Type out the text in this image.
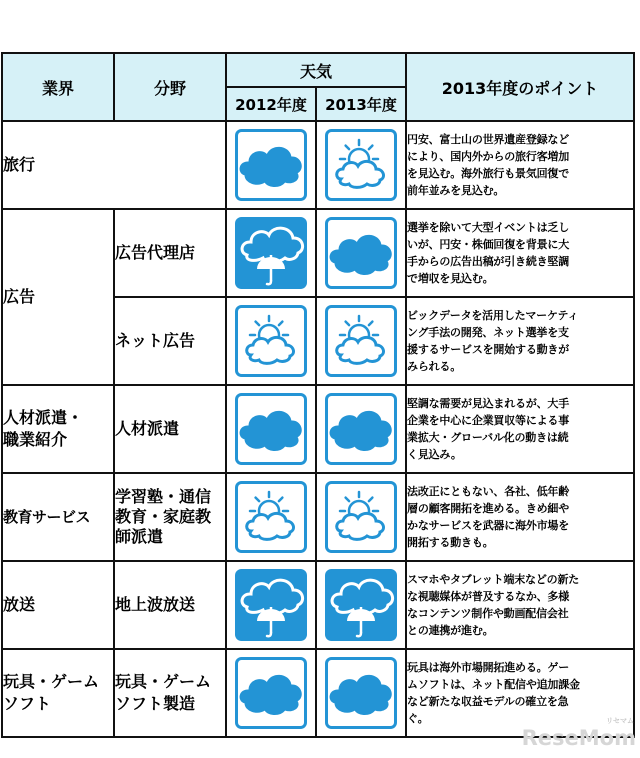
業界	分野	天気		2013年度のポイント
		2012年度	2013年度	
旅行				円安、富士山の世界遺産登録など
により、国内外からの旅行客増加
を見込む。海外旅行も景気回復で
前年並みを見込む。
広告	広告代理店			選挙を除いて大型イベントは乏し
いが、円安・株価回復を背景に大
手からの広告出稿が引き続き堅調
で増収を見込む。
	ネット広告			ビックデータを活用したマーケティ
ング手法の開発、ネット選挙を支
援するサービスを開始する動きが
みられる。
人材派遣・
職業紹介	人材派遣			堅調な需要が見込まれるが、大手
企業を中心に企業買収等による事
業拡大・グローバル化の動きは続
く見込み。
教育サービス	学習塾・通信
教育・家庭教
師派遣			法改正にともない、各社、低年齢
層の顧客開拓を進める。きめ細や
かなサービスを武器に海外市場を
開拓する動きも。
放送	地上波放送			スマホやタブレット端末などの新た
な視聴媒体が普及するなか、多様
なコンテンツ制作や動画配信会社
との連携が進む。
玩具・ゲーム
ソフト	玩具・ゲーム
ソフト製造			玩具は海外市場開拓進める。ゲー
ムソフトは、ネット配信や追加課金
など新たな収益モデルの確立を急
ぐ。	リセマム
ReseMom
